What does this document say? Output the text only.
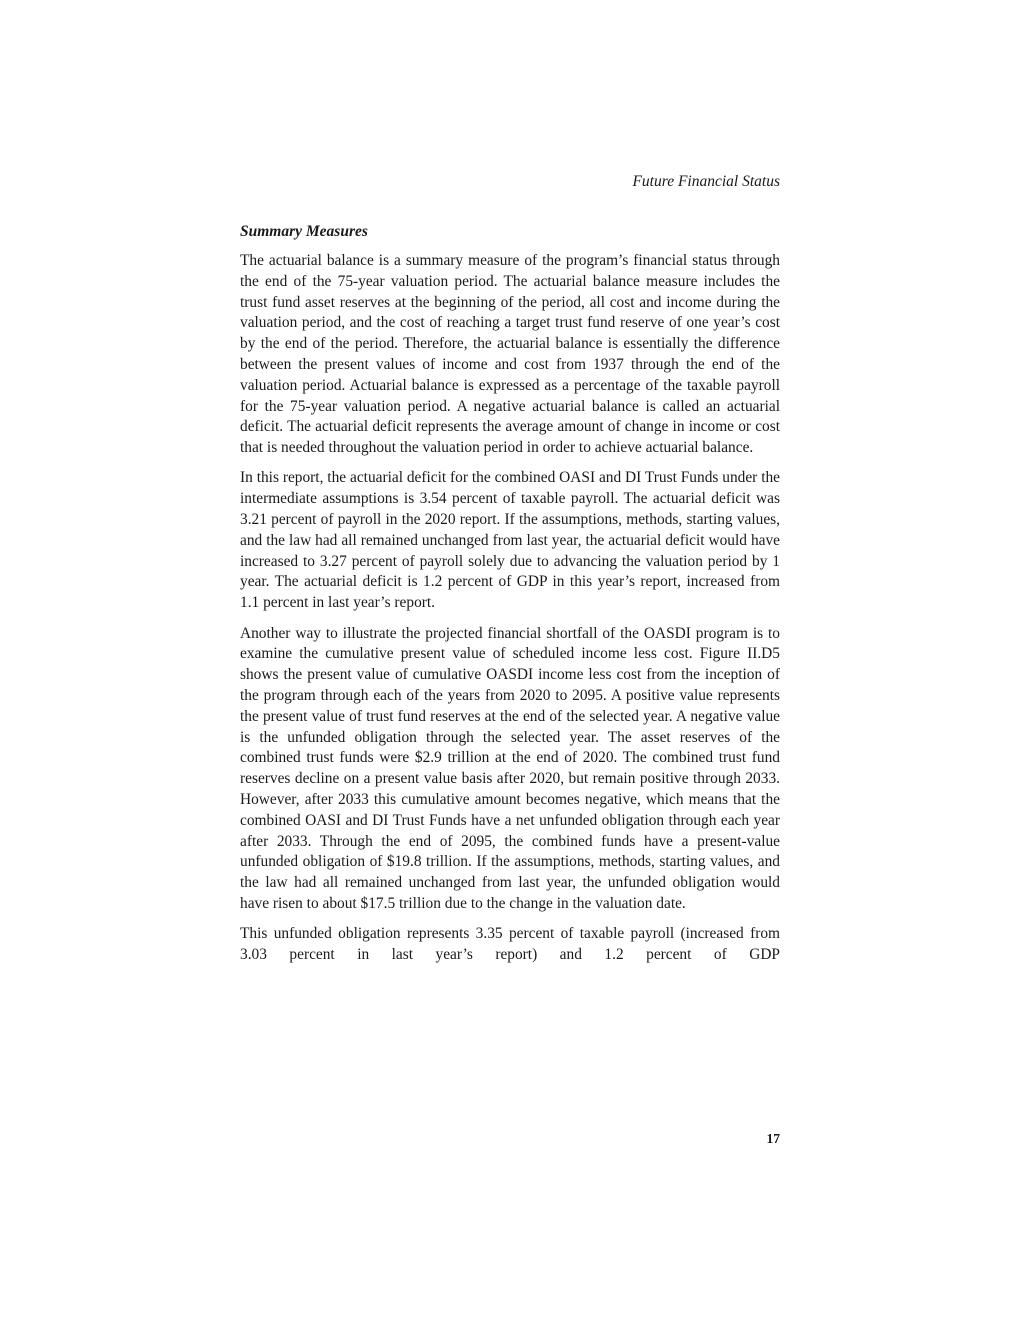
Future Financial Status
Summary Measures

The actuarial balance is a summary measure of the program’s financial status through the end of the 75-year valuation period. The actuarial balance measure includes the trust fund asset reserves at the beginning of the period, all cost and income during the valuation period, and the cost of reaching a target trust fund reserve of one year’s cost by the end of the period. Therefore, the actuarial balance is essentially the difference between the present values of income and cost from 1937 through the end of the valuation period. Actuarial balance is expressed as a percentage of the taxable payroll for the 75-year valuation period. A negative actuarial balance is called an actuarial deficit. The actuarial deficit represents the average amount of change in income or cost that is needed throughout the valuation period in order to achieve actuarial balance.

In this report, the actuarial deficit for the combined OASI and DI Trust Funds under the intermediate assumptions is 3.54 percent of taxable payroll. The actuarial deficit was 3.21 percent of payroll in the 2020 report. If the assumptions, methods, starting values, and the law had all remained unchanged from last year, the actuarial deficit would have increased to 3.27 percent of payroll solely due to advancing the valuation period by 1 year. The actuarial deficit is 1.2 percent of GDP in this year’s report, increased from 1.1 percent in last year’s report.

Another way to illustrate the projected financial shortfall of the OASDI program is to examine the cumulative present value of scheduled income less cost. Figure II.D5 shows the present value of cumulative OASDI income less cost from the inception of the program through each of the years from 2020 to 2095. A positive value represents the present value of trust fund reserves at the end of the selected year. A negative value is the unfunded obligation through the selected year. The asset reserves of the combined trust funds were $2.9 trillion at the end of 2020. The combined trust fund reserves decline on a present value basis after 2020, but remain positive through 2033. However, after 2033 this cumulative amount becomes negative, which means that the combined OASI and DI Trust Funds have a net unfunded obligation through each year after 2033. Through the end of 2095, the combined funds have a present-value unfunded obligation of $19.8 trillion. If the assumptions, methods, starting values, and the law had all remained unchanged from last year, the unfunded obligation would have risen to about $17.5 trillion due to the change in the valuation date.

This unfunded obligation represents 3.35 percent of taxable payroll (increased from 3.03 percent in last year’s report) and 1.2 percent of GDP

17
